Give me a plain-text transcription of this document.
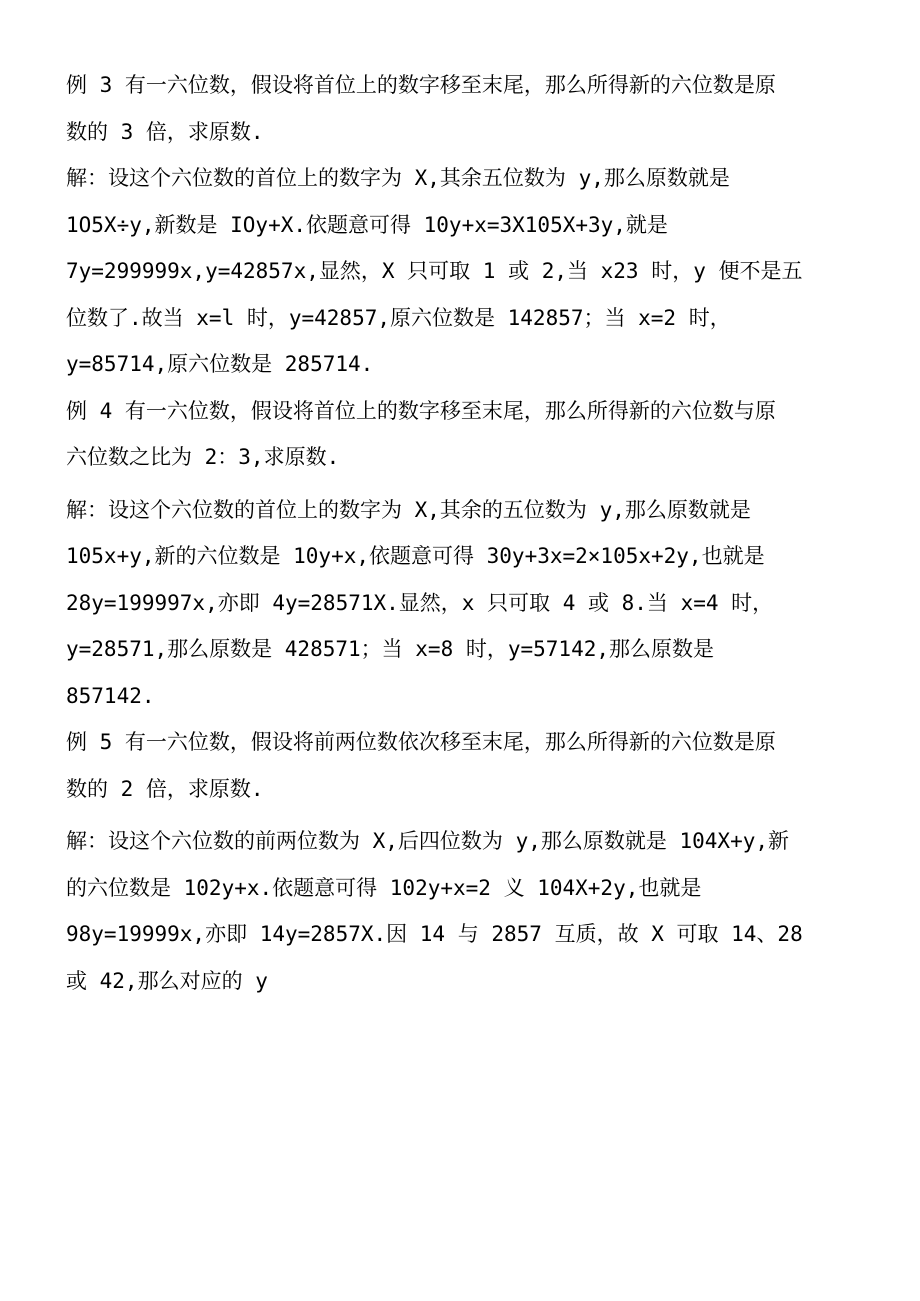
例 3 有一六位数，假设将首位上的数字移至末尾，那么所得新的六位数是原
数的 3 倍，求原数.
解：设这个六位数的首位上的数字为 X,其余五位数为 y,那么原数就是
1O5X÷y,新数是 IOy+X.依题意可得 10y+x=3X105X+3y,就是
7y=299999x,y=42857x,显然，X 只可取 1 或 2,当 x23 时，y 便不是五
位数了.故当 x=l 时，y=42857,原六位数是 142857；当 x=2 时，
y=85714,原六位数是 285714.
例 4 有一六位数，假设将首位上的数字移至末尾，那么所得新的六位数与原
六位数之比为 2：3,求原数.
解：设这个六位数的首位上的数字为 X,其余的五位数为 y,那么原数就是
105x+y,新的六位数是 10y+x,依题意可得 30y+3x=2×105x+2y,也就是
28y=199997x,亦即 4y=28571X.显然，x 只可取 4 或 8.当 x=4 时，
y=28571,那么原数是 428571；当 x=8 时，y=57142,那么原数是
857142.
例 5 有一六位数，假设将前两位数依次移至末尾，那么所得新的六位数是原
数的 2 倍，求原数.
解：设这个六位数的前两位数为 X,后四位数为 y,那么原数就是 104X+y,新
的六位数是 102y+x.依题意可得 102y+x=2 义 104X+2y,也就是
98y=19999x,亦即 14y=2857X.因 14 与 2857 互质，故 X 可取 14、28
或 42,那么对应的 y
